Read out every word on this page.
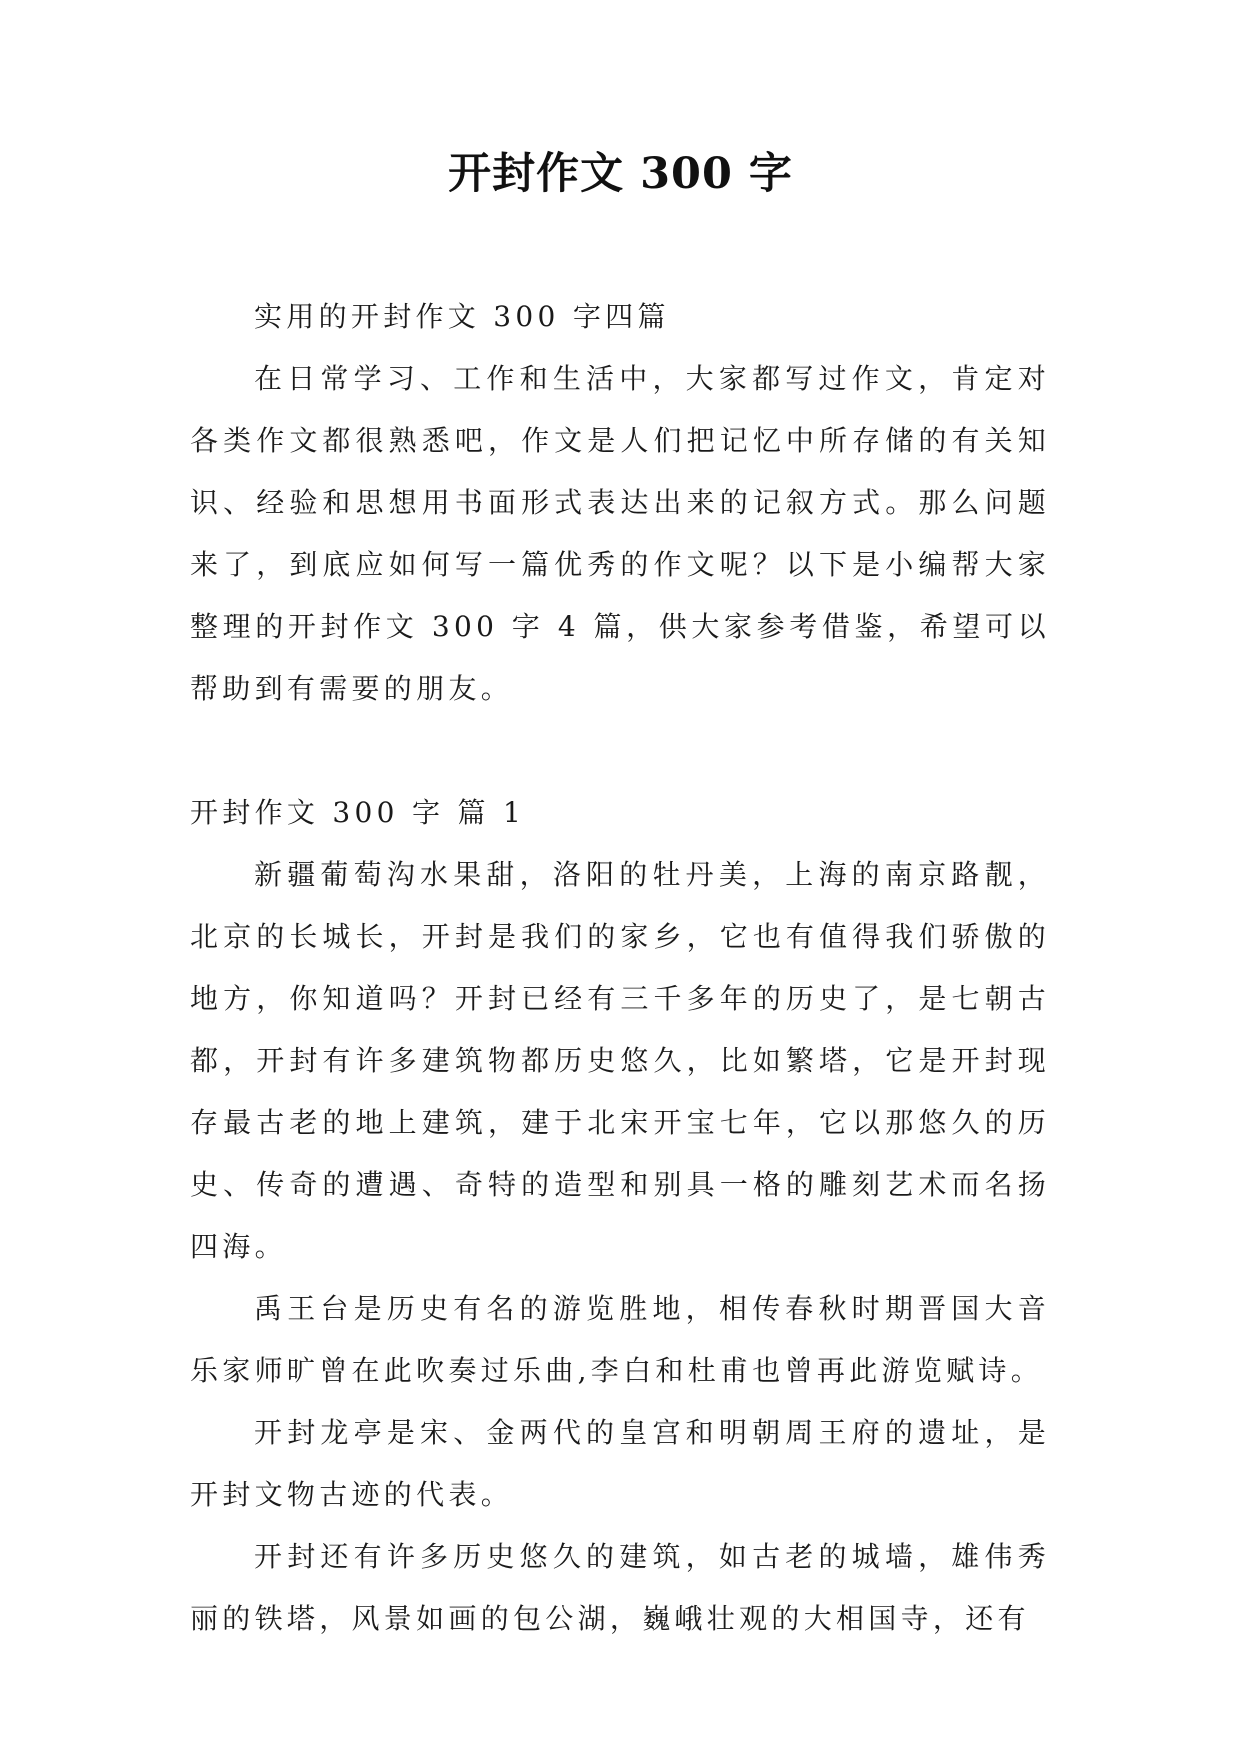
开封作文 300 字

实用的开封作文 300 字四篇

在日常学习、工作和生活中，大家都写过作文，肯定对各类作文都很熟悉吧，作文是人们把记忆中所存储的有关知识、经验和思想用书面形式表达出来的记叙方式。那么问题来了，到底应如何写一篇优秀的作文呢？以下是小编帮大家整理的开封作文 300 字 4 篇，供大家参考借鉴，希望可以帮助到有需要的朋友。

开封作文 300 字 篇 1

新疆葡萄沟水果甜，洛阳的牡丹美，上海的南京路靓，北京的长城长，开封是我们的家乡，它也有值得我们骄傲的地方，你知道吗？开封已经有三千多年的历史了，是七朝古都，开封有许多建筑物都历史悠久，比如繁塔，它是开封现存最古老的地上建筑，建于北宋开宝七年，它以那悠久的历史、传奇的遭遇、奇特的造型和别具一格的雕刻艺术而名扬四海。

禹王台是历史有名的游览胜地，相传春秋时期晋国大音乐家师旷曾在此吹奏过乐曲,李白和杜甫也曾再此游览赋诗。

开封龙亭是宋、金两代的皇宫和明朝周王府的遗址，是开封文物古迹的代表。

开封还有许多历史悠久的建筑，如古老的城墙，雄伟秀丽的铁塔，风景如画的包公湖，巍峨壮观的大相国寺，还有
